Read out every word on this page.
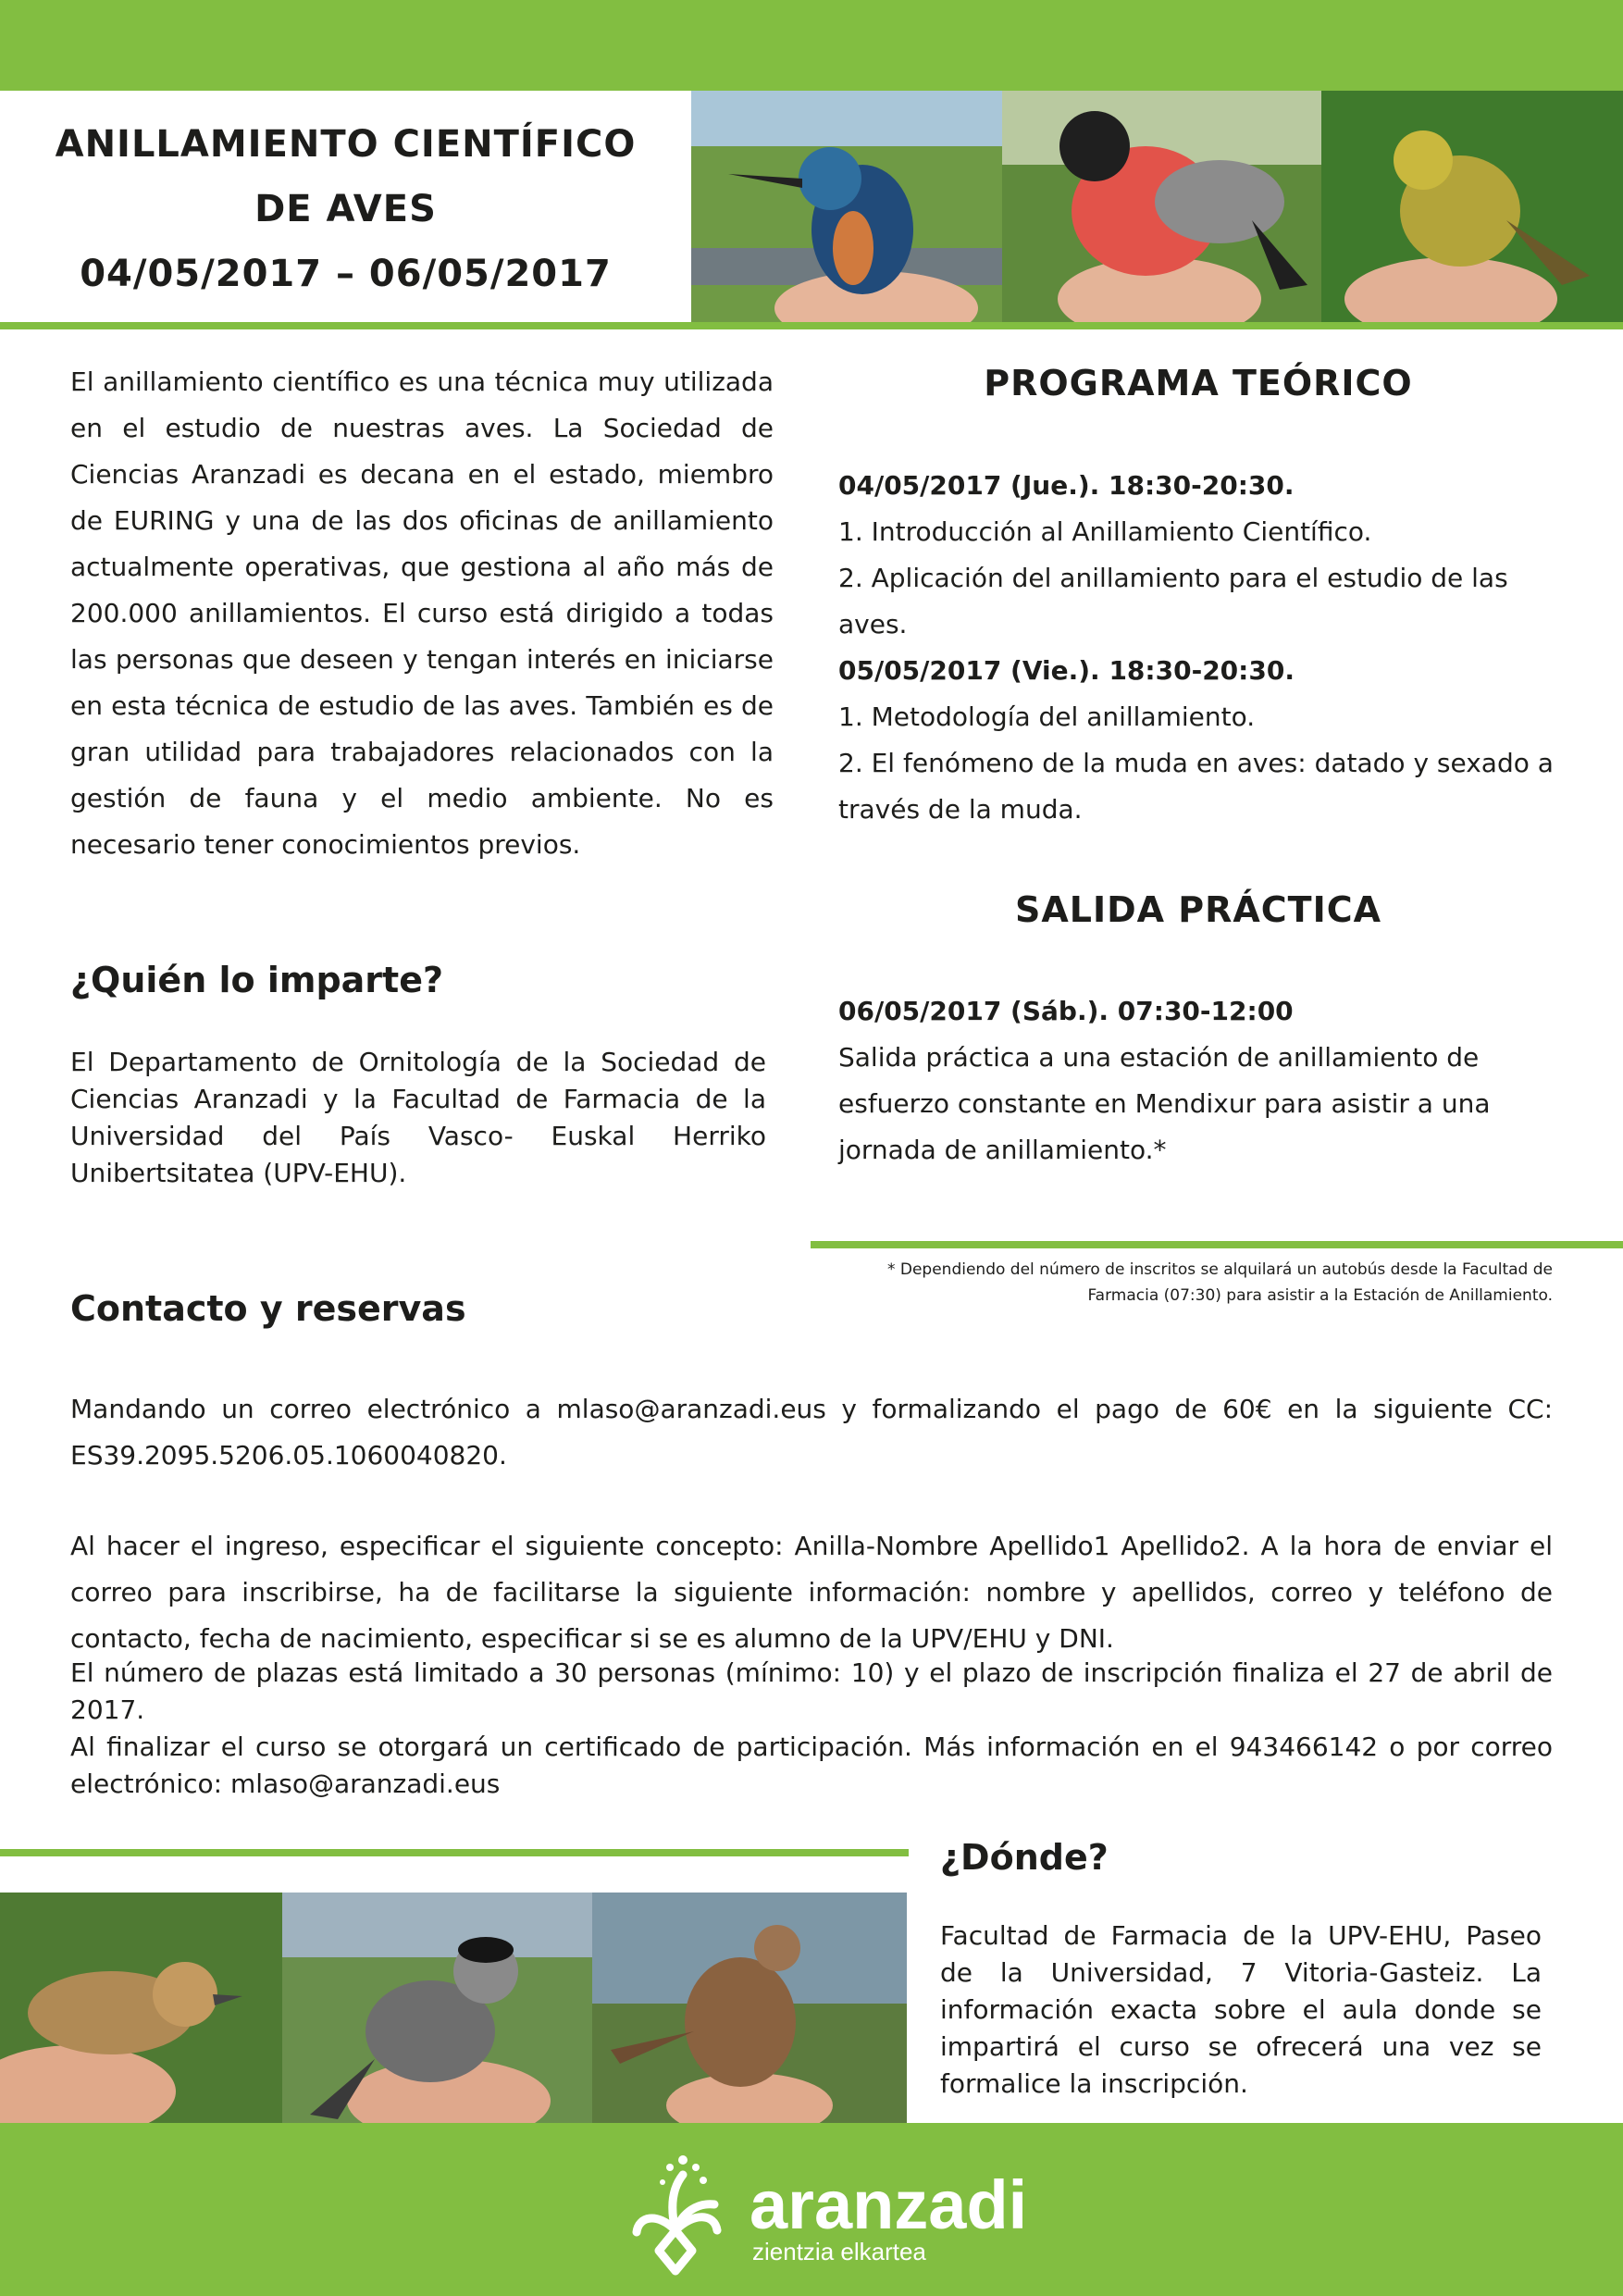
ANILLAMIENTO CIENTÍFICO
DE AVES
04/05/2017 – 06/05/2017
El anillamiento científico es una técnica muy utilizada en el estudio de nuestras aves. La Sociedad de Ciencias Aranzadi es decana en el estado, miembro de EURING y una de las dos oficinas de anillamiento actualmente operativas, que gestiona al año más de 200.000 anillamientos. El curso está dirigido a todas las personas que deseen y tengan interés en iniciarse en esta técnica de estudio de las aves. También es de gran utilidad para trabajadores relacionados con la gestión de fauna y el medio ambiente. No es necesario tener conocimientos previos.
¿Quién lo imparte?
El Departamento de Ornitología de la Sociedad de Ciencias Aranzadi y la Facultad de Farmacia de la Universidad del País Vasco- Euskal Herriko Unibertsitatea (UPV-EHU).
PROGRAMA TEÓRICO
04/05/2017 (Jue.). 18:30-20:30.
1. Introducción al Anillamiento Científico.
2. Aplicación del anillamiento para el estudio de las aves.
05/05/2017 (Vie.). 18:30-20:30.
1. Metodología del anillamiento.
2. El fenómeno de la muda en aves: datado y sexado a través de la muda.
SALIDA PRÁCTICA
06/05/2017 (Sáb.). 07:30-12:00
Salida práctica a una estación de anillamiento de esfuerzo constante en Mendixur para asistir a una jornada de anillamiento.*
* Dependiendo del número de inscritos se alquilará un autobús desde la Facultad de Farmacia (07:30) para asistir a la Estación de Anillamiento.
Contacto y reservas
Mandando un correo electrónico a mlaso@aranzadi.eus y formalizando el pago de 60€ en la siguiente CC: ES39.2095.5206.05.1060040820.
Al hacer el ingreso, especificar el siguiente concepto: Anilla-Nombre Apellido1 Apellido2. A la hora de enviar el correo para inscribirse, ha de facilitarse la siguiente información: nombre y apellidos, correo y teléfono de contacto, fecha de nacimiento, especificar si se es alumno de la UPV/EHU y DNI.
El número de plazas está limitado a 30 personas (mínimo: 10) y el plazo de inscripción finaliza el 27 de abril de 2017.
Al finalizar el curso se otorgará un certificado de participación. Más información en el 943466142 o por correo electrónico: mlaso@aranzadi.eus
¿Dónde?
Facultad de Farmacia de la UPV-EHU, Paseo de la Universidad, 7 Vitoria-Gasteiz. La información exacta sobre el aula donde se impartirá el curso se ofrecerá una vez se formalice la inscripción.
aranzadi
zientzia elkartea
